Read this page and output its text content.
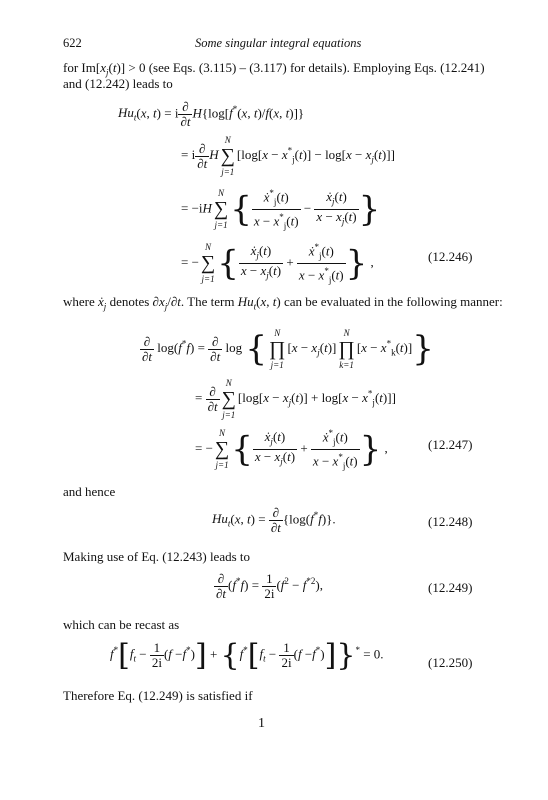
622	Some singular integral equations
for $Im[x_j(t)] > 0$ (see Eqs. (3.115) – (3.117) for details). Employing Eqs. (12.241)
and (12.242) leads to
$Hu_t(x$, t) = i $\frac{\partial}{\partial t} H\{\log[f^*(x$, t)/f(x, t)]}
= i $\frac{\partial}{\partial t}$ H
N
∑
j=1
$[\log[x - x^*_j(t)] - \log[x - x_j(t)]]$
= −iH
N
∑
j=1 { $\frac{ẋ^*_j(t)}{x - x^*_j(t)} - \frac{ẋ_j(t)}{x - x_j(t)}$ }
= −
N
∑
j=1 { $\frac{ẋ_j(t)}{x - x_j(t)} + \frac{ẋ^*_j(t)}{x - x^*_j(t)}$ } ,	(12.246)
where ẋ$_j$ denotes $\partial x_j/\partial t$. The term $Hu_t(x$, t) can be evaluated in the following manner:
$\frac{\partial}{\partial t} \log(f^*f) = \frac{\partial}{\partial t}$ log { N
∏
j=1
$[x - x_j(t)]$
N
∏
k=1
$[x - x^*_k(t)]$}
= $\frac{\partial}{\partial t}$
N
∑
j=1
$[\log[x - x_j(t)] + \log[x - x^*_j(t)]]$
= −
N
∑
j=1 { $\frac{ẋ_j(t)}{x - x_j(t)} + \frac{ẋ^*_j(t)}{x - x^*_j(t)}$ } ,	(12.247)
and hence
$Hu_t(x$, $t) = \frac{\partial}{\partial t} \{\log(f^*f)\}$.	(12.248)
Making use of Eq. (12.243) leads to
$\frac{\partial}{\partial t} (f^*f) = \frac{1}{2i} (f^2 - f^{*2})$,	(12.249)
which can be recast as
$f^*[f_t - \frac{1}{2i} (f -f^*)] + \{f^*[f_t - \frac{1}{2i} (f -f^*)]\}^* = 0$.
(12.250)
Therefore Eq. (12.249) is satisfied if
1
